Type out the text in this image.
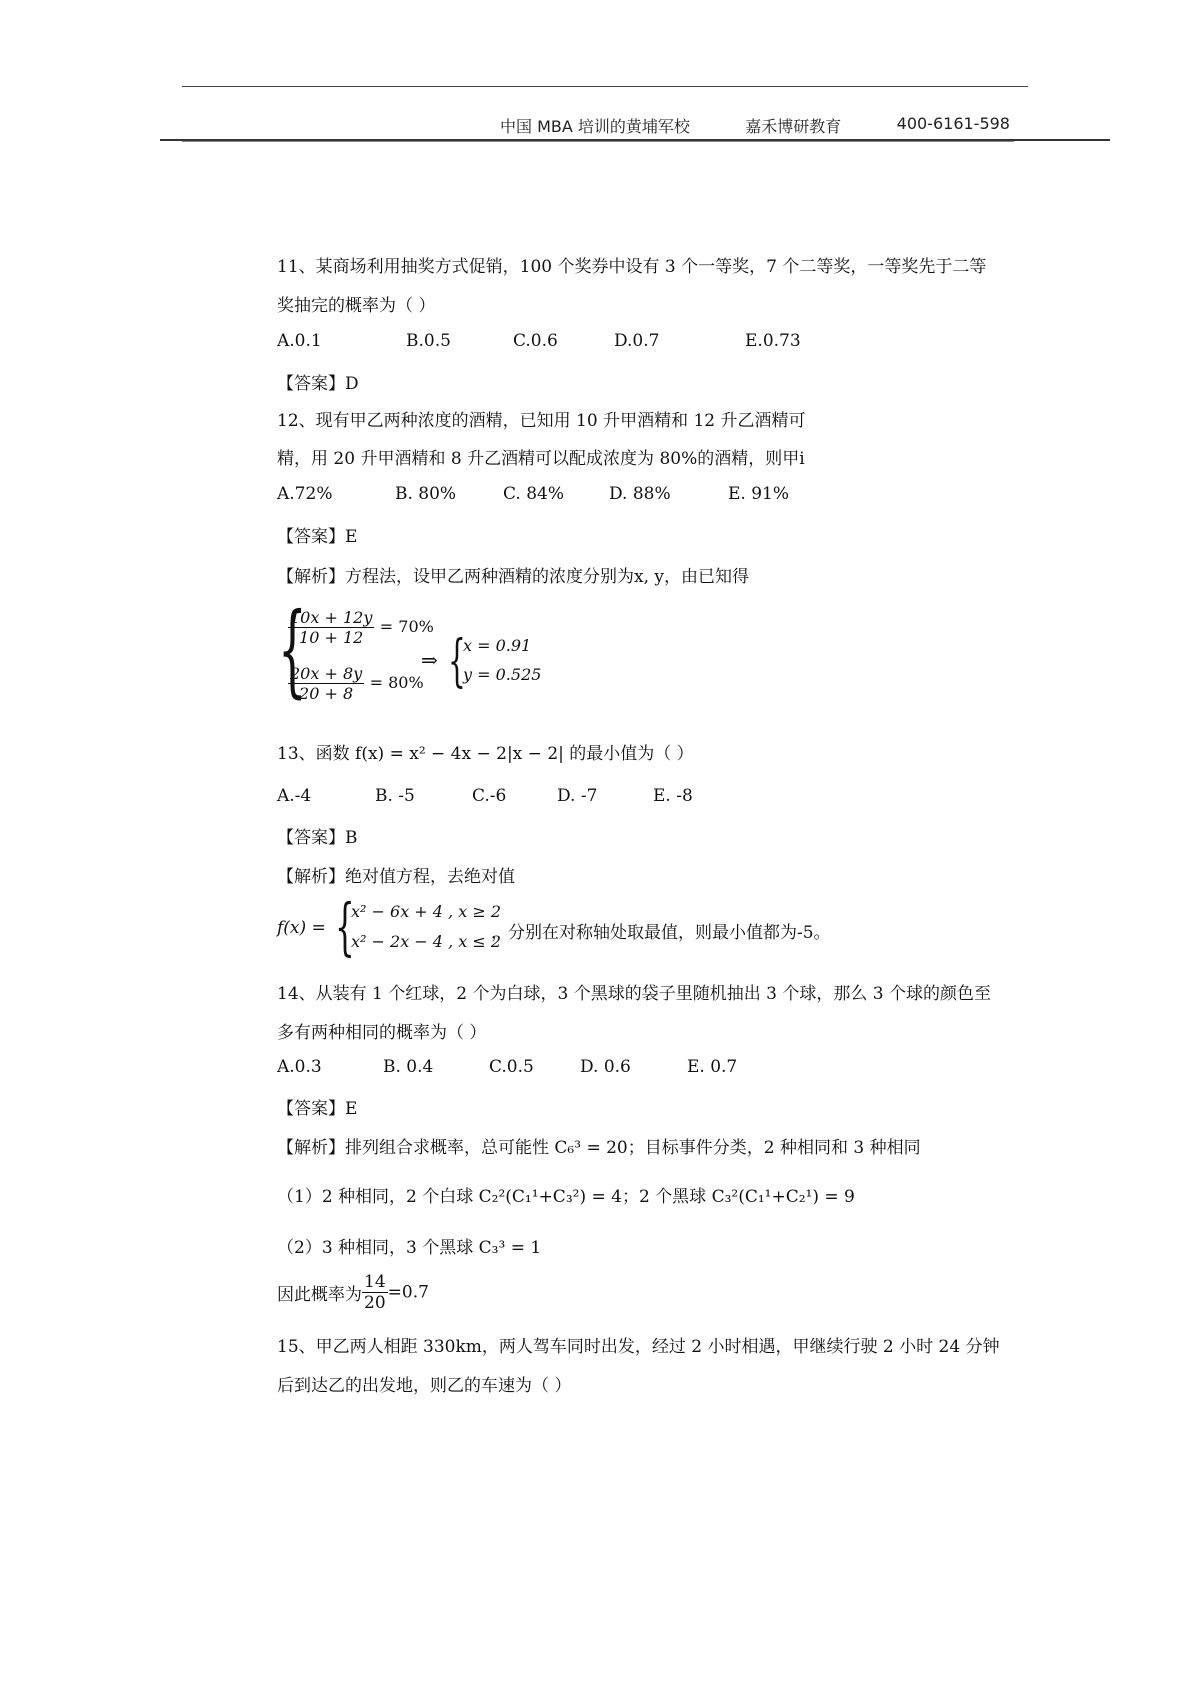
中国 MBA 培训的黄埔军校	嘉禾博研教育	400-6161-598
11、某商场利用抽奖方式促销，100 个奖券中设有 3 个一等奖，7 个二等奖，一等奖先于二等
奖抽完的概率为（ ）
A.0.1	B.0.5	C.0.6	D.0.7	E.0.73
【答案】D
12、现有甲乙两种浓度的酒精，已知用 10 升甲酒精和 12 升乙酒精可
精，用 20 升甲酒精和 8 升乙酒精可以配成浓度为 80%的酒精，则甲i
A.72%	B. 80%	C. 84%	D. 88%	E. 91%
【答案】E
【解析】方程法，设甲乙两种酒精的浓度分别为x, y，由已知得
{
$\frac{10x + 12y}{10 + 12} = 70\%$
$\frac{20x + 8y}{20 + 8} = 80\%$
⇒ {
x = 0.91
y = 0.525
13、函数 f(x) = x² − 4x − 2|x − 2| 的最小值为（ ）
A.-4	B. -5	C.-6	D. -7	E. -8
【答案】B
【解析】绝对值方程，去绝对值
f(x) = {
x² − 6x + 4 , x ≥ 2
x² − 2x − 4 , x ≤ 2
，分别在对称轴处取最值，则最小值都为-5。
14、从装有 1 个红球，2 个为白球，3 个黑球的袋子里随机抽出 3 个球，那么 3 个球的颜色至
多有两种相同的概率为（ ）
A.0.3	B. 0.4	C.0.5	D. 0.6	E. 0.7
【答案】E
【解析】排列组合求概率，总可能性 C₆³ = 20；目标事件分类，2 种相同和 3 种相同
（1）2 种相同，2 个白球 C₂²(C₁¹+C₃²) = 4；2 个黑球 C₃²(C₁¹+C₂¹) = 9
（2）3 种相同，3 个黑球 C₃³ = 1
因此概率为 $\frac{14}{20} =0.7$
15、甲乙两人相距 330km，两人驾车同时出发，经过 2 小时相遇，甲继续行驶 2 小时 24 分钟
后到达乙的出发地，则乙的车速为（ ）
